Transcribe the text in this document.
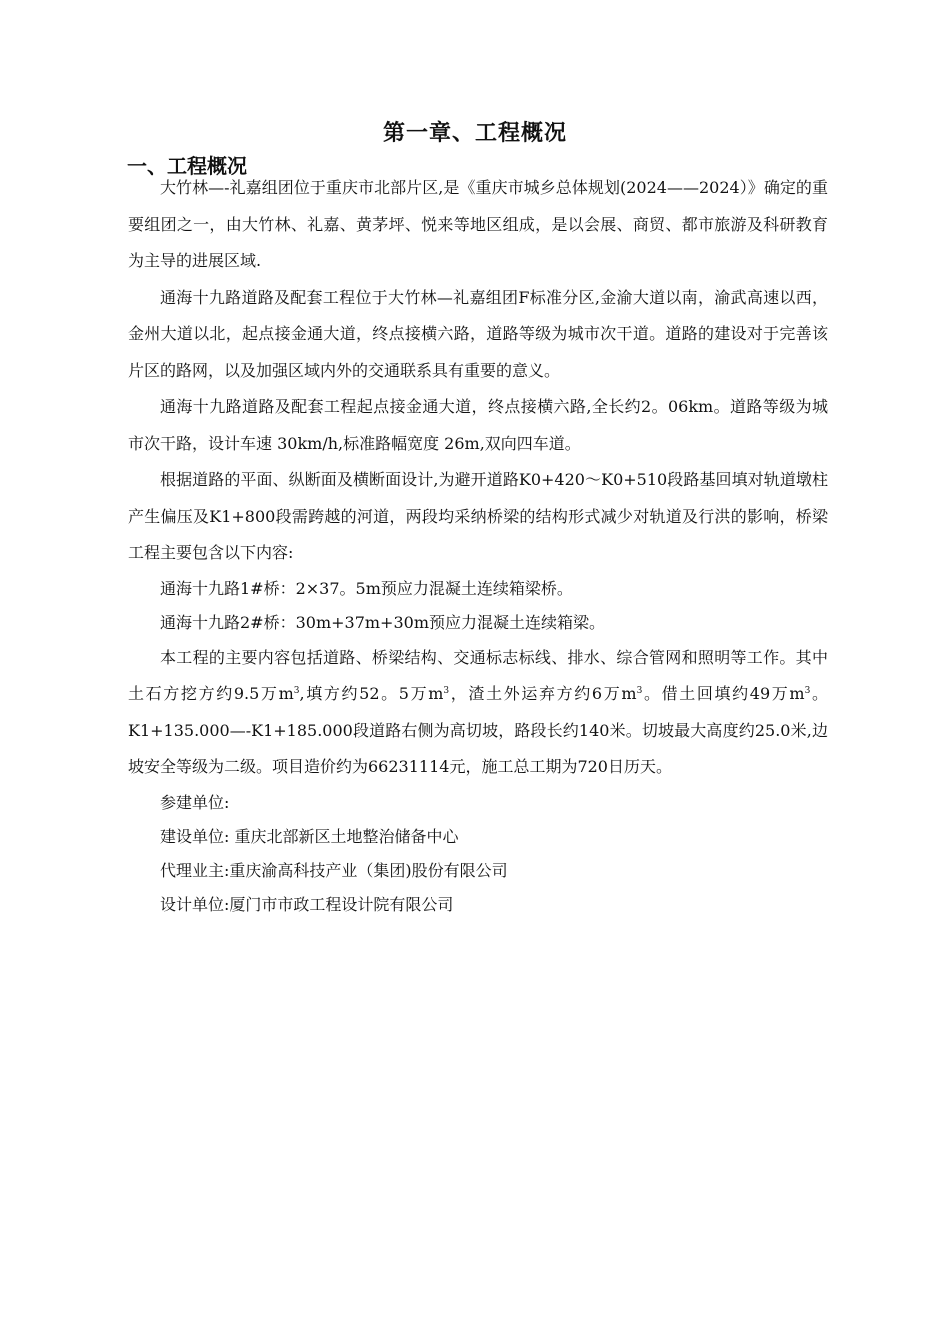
第一章、工程概况
一、工程概况

大竹林—-礼嘉组团位于重庆市北部片区,是《重庆市城乡总体规划(2024——2024）》确定的重要组团之一，由大竹林、礼嘉、黄茅坪、悦来等地区组成，是以会展、商贸、都市旅游及科研教育为主导的进展区域.

通海十九路道路及配套工程位于大竹林—礼嘉组团F标准分区,金渝大道以南，渝武高速以西，金州大道以北，起点接金通大道，终点接横六路，道路等级为城市次干道。道路的建设对于完善该片区的路网，以及加强区域内外的交通联系具有重要的意义。

通海十九路道路及配套工程起点接金通大道，终点接横六路,全长约2。06km。道路等级为城市次干路，设计车速 30km/h,标准路幅宽度 26m,双向四车道。

根据道路的平面、纵断面及横断面设计,为避开道路K0+420～K0+510段路基回填对轨道墩柱产生偏压及K1+800段需跨越的河道，两段均采纳桥梁的结构形式减少对轨道及行洪的影响，桥梁工程主要包含以下内容:

通海十九路1#桥：2×37。5m预应力混凝土连续箱梁桥。

通海十九路2#桥：30m+37m+30m预应力混凝土连续箱梁。

本工程的主要内容包括道路、桥梁结构、交通标志标线、排水、综合管网和照明等工作。其中土石方挖方约9.5万$m^3$,填方约52。5万$m^3$，渣土外运弃方约6万$m^3$。借土回填约49万$m^3$。K1+135.000—-K1+185.000段道路右侧为高切坡，路段长约140米。切坡最大高度约25.0米,边坡安全等级为二级。项目造价约为66231114元，施工总工期为720日历天。

参建单位:

建设单位: 重庆北部新区土地整治储备中心

代理业主:重庆渝高科技产业（集团)股份有限公司

设计单位:厦门市市政工程设计院有限公司
